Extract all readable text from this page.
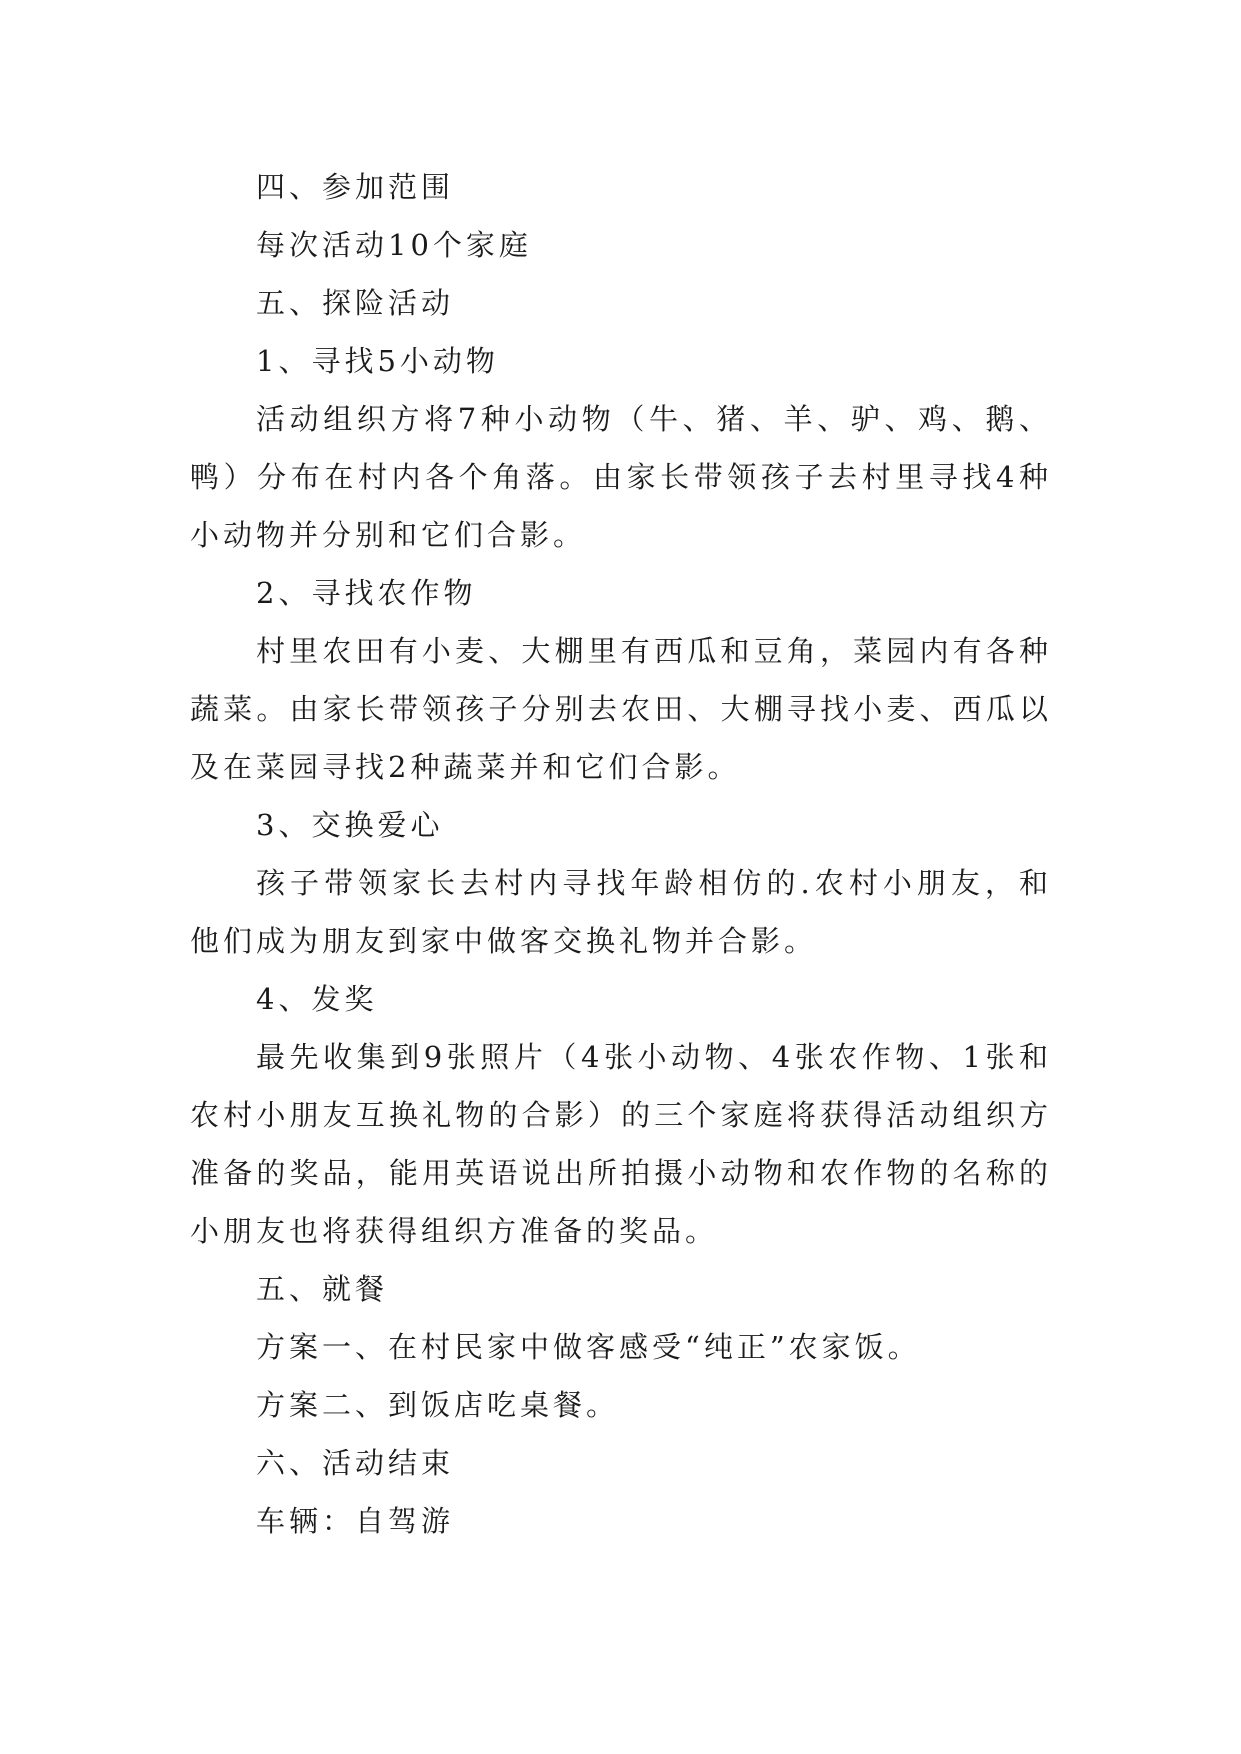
四、参加范围

每次活动10个家庭

五、探险活动

1、寻找5小动物

活动组织方将7种小动物（牛、猪、羊、驴、鸡、鹅、鸭）分布在村内各个角落。由家长带领孩子去村里寻找4种小动物并分别和它们合影。

2、寻找农作物

村里农田有小麦、大棚里有西瓜和豆角，菜园内有各种蔬菜。由家长带领孩子分别去农田、大棚寻找小麦、西瓜以及在菜园寻找2种蔬菜并和它们合影。

3、交换爱心

孩子带领家长去村内寻找年龄相仿的.农村小朋友，和他们成为朋友到家中做客交换礼物并合影。

4、发奖

最先收集到9张照片（4张小动物、4张农作物、1张和农村小朋友互换礼物的合影）的三个家庭将获得活动组织方准备的奖品，能用英语说出所拍摄小动物和农作物的名称的小朋友也将获得组织方准备的奖品。

五、就餐

方案一、在村民家中做客感受“纯正”农家饭。

方案二、到饭店吃桌餐。

六、活动结束

车辆：自驾游
